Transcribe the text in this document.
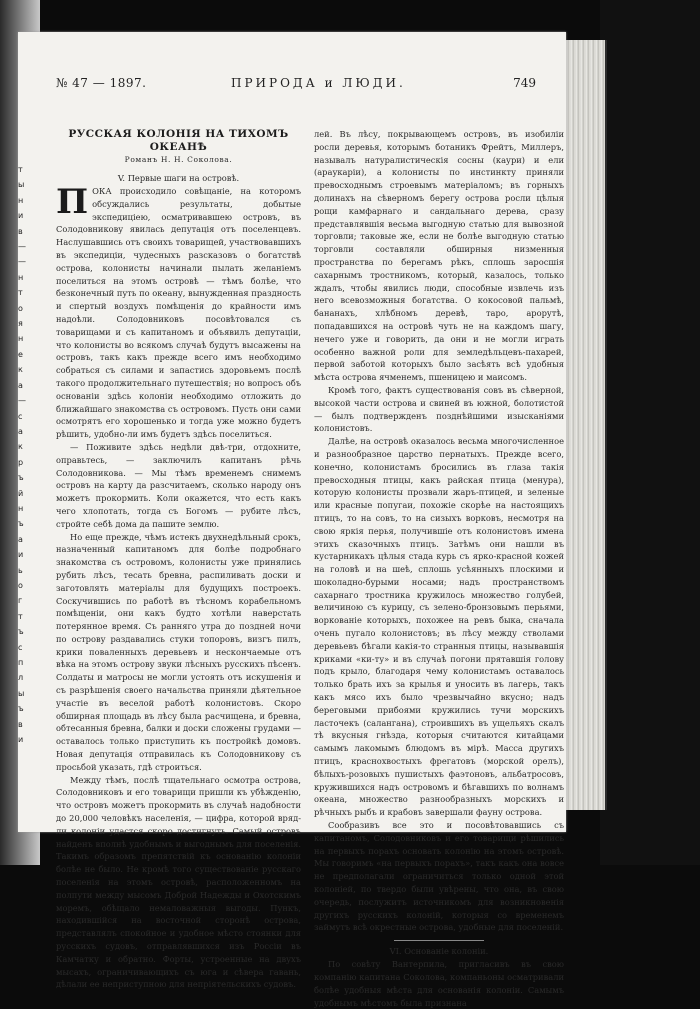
т
ы
н
и
в
—
—
н
т
о
я
н
е
к
а
—
с
а
к
р
ъ
й
н
ъ
а
и
ь
о
г
т
ъ
с
п
л
ы
ъ
в
и
№ 47 — 1897.	ПРИРОДА и ЛЮДИ.	749

РУССКАЯ КОЛОНІЯ НА ТИХОМЪ ОКЕАНѢ

Романъ Н. Н. Соколова.

V. Первые шаги на островѣ.

П ОКА происходило совѣщаніе, на которомъ обсуждались результаты, добытые экспедиціею, осматривавшею островъ, въ Солодовникову явилась депутація отъ поселенцевъ. Наслушавшись отъ своихъ товарищей, участвовавшихъ въ экспедиціи, чудесныхъ разсказовъ о богатствѣ острова, колонисты начинали пылать желаніемъ поселиться на этомъ островѣ — тѣмъ болѣе, что безконечный путь по океану, вынужденная праздность и спертый воздухъ помѣщенія до крайности имъ надоѣли. Солодовниковъ посовѣтовался съ товарищами и съ капитаномъ и объявилъ депутаціи, что колонисты во всякомъ случаѣ будутъ высажены на островъ, такъ какъ прежде всего имъ необходимо собраться съ силами и запастись здоровьемъ послѣ такого продолжительнаго путешествія; но вопросъ объ основаніи здѣсь колоніи необходимо отложить до ближайшаго знакомства съ островомъ. Пусть они сами осмотрятъ его хорошенько и тогда уже можно будетъ рѣшить, удобно-ли имъ будетъ здѣсь поселиться.

— Поживите здѣсь недѣли двѣ-три, отдохните, оправьтесь, — заключилъ капитанъ рѣчь Солодовникова. — Мы тѣмъ временемъ снимемъ островъ на карту да разсчитаемъ, сколько народу онъ можетъ прокормить. Коли окажется, что есть какъ чего хлопотать, тогда съ Богомъ — рубите лѣсъ, стройте себѣ дома да пашите землю.

Но еще прежде, чѣмъ истекъ двухнедѣльный срокъ, назначенный капитаномъ для болѣе подробнаго знакомства съ островомъ, колонисты уже принялись рубить лѣсъ, тесать бревна, распиливать доски и заготовлять матеріалы для будущихъ построекъ. Соскучившись по работѣ въ тѣсномъ корабельномъ помѣщеніи, они какъ будто хотѣли наверстать потерянное время. Съ ранняго утра до поздней ночи по острову раздавались стуки топоровъ, визгъ пилъ, крики поваленныхъ деревьевъ и нескончаемые отъ вѣка на этомъ острову звуки лѣсныхъ русскихъ пѣсенъ. Солдаты и матросы не могли устоять отъ искушенія и съ разрѣшенія своего начальства приняли дѣятельное участіе въ веселой работѣ колонистовъ. Скоро обширная площадь въ лѣсу была расчищена, и бревна, обтесанныя бревна, балки и доски сложены грудами — оставалось только приступить къ постройкѣ домовъ. Новая депутація отправилась къ Солодовникову съ просьбой указать, гдѣ строиться.

Между тѣмъ, послѣ тщательнаго осмотра острова, Солодовниковъ и его товарищи пришли къ убѣжденію, что островъ можетъ прокормить въ случаѣ надобности до 20,000 человѣкъ населенія, — цифра, которой вряд-ли колоніи удастся скоро достигнуть. Самый островъ найденъ вполнѣ удобнымъ и выгоднымъ для поселенія. Такимъ образомъ препятствій къ основанію колоніи болѣе не было. Не кромѣ того существованіе русскаго поселенія на этомъ островѣ, расположенномъ на полпути между мысомъ Доброй Надежды и Охотскимъ моремъ, обѣщало немаловажныя выгоды. Пункъ, находившійся на восточной сторонѣ острова, представлялъ спокойное и удобное мѣсто стоянки для русскихъ судовъ, отправлявшихся изъ Россіи въ Камчатку и обратно. Форты, устроенные на двухъ мысахъ, ограничивающихъ съ юга и сѣвера гавань, дѣлали ее неприступною для непріятельскихъ судовъ.

лей. Въ лѣсу, покрывающемъ островъ, въ изобиліи росли деревья, которымъ ботаникъ Фрейтъ, Миллеръ, называлъ натуралистическія сосны (каури) и ели (араукаріи), а колонисты по инстинкту приняли превосходнымъ строевымъ матеріаломъ; въ горныхъ долинахъ на сѣверномъ берегу острова росли цѣлыя рощи камфарнаго и сандальнаго дерева, сразу представлявшія весьма выгодную статью для вывозной торговли; таковые же, если не болѣе выгодную статью торговли составляли обширныя низменныя пространства по берегамъ рѣкъ, сплошь заросшія сахарнымъ тростникомъ, который, казалось, только ждалъ, чтобы явились люди, способные извлечь изъ него всевозможныя богатства. О кокосовой пальмѣ, бананахъ, хлѣбномъ деревѣ, таро, арорутѣ, попадавшихся на островѣ чуть не на каждомъ шагу, нечего уже и говорить, да они и не могли играть особенно важной роли для земледѣльцевъ-пахарей, первой заботой которыхъ было засѣять всѣ удобныя мѣста острова ячменемъ, пшеницею и маисомъ.

Кромѣ того, фактъ существованія совъ въ сѣверной, высокой части острова и свиней въ южной, болотистой — былъ подтвержденъ позднѣйшими изысканіями колонистовъ.

Далѣе, на островѣ оказалось весьма многочисленное и разнообразное царство пернатыхъ. Прежде всего, конечно, колонистамъ бросились въ глаза такія превосходныя птицы, какъ райская птица (менура), которую колонисты прозвали жаръ-птицей, и зеленые или красные попугаи, похожіе скорѣе на настоящихъ птицъ, то на совъ, то на сизыхъ ворковъ, несмотря на свою яркія перья, получившіе отъ колонистовъ имена этихъ сказочныхъ птицъ. Затѣмъ они нашли въ кустарникахъ цѣлыя стада курь съ ярко-красной кожей на головѣ и на шеѣ, сплошь усѣянныхъ плоскими и шоколадно-бурыми носами; надъ пространствомъ сахарнаго тростника кружилось множество голубей, величиною съ курицу, съ зелено-бронзовымъ перьями, воркованіе которыхъ, похожее на ревъ быка, сначала очень пугало колонистовъ; въ лѣсу между стволами деревьевъ бѣгали какія-то странныя птицы, называвшія криками «ки-ту» и въ случаѣ погони прятавшія голову подъ крыло, благодаря чему колонистамъ оставалось только брать ихъ за крылья и уносить въ лагерь, такъ какъ мясо ихъ было чрезвычайно вкусно; надъ береговыми прибоями кружились тучи морскихъ ласточекъ (салангана), строившихъ въ ущельяхъ скалъ тѣ вкусныя гнѣзда, которыя считаются китайцами самымъ лакомымъ блюдомъ въ мірѣ. Масса другихъ птицъ, краснохвостыхъ фрегатовъ (морской орелъ), бѣлыхъ-розовыхъ пушистыхъ фаэтоновъ, альбатросовъ, кружившихся надъ островомъ и бѣгавшихъ по волнамъ океана, множество разнообразныхъ морскихъ и рѣчныхъ рыбъ и крабовъ завершали фауну острова.

Сообразивъ все это и посовѣтовавшись съ капитаномъ, Солодовниковъ и его товарищи рѣшились на первыхъ порахъ основать колонію на этомъ островѣ. Мы говоримъ «на первыхъ порахъ», такъ какъ она вовсе не предполагали ограничиться только одной этой колоніей, по твердо были увѣрены, что она, въ свою очередь, послужитъ источникомъ для возникновенія другихъ русскихъ колоній, которыя со временемъ займутъ всѣ окрестные острова, удобные для поселеній.

VI. Основаніе колоніи.

По совѣту Вантерпила, пригласивъ въ свою компанію капитана Соколова, компаньоны осматривали болѣе удобныя мѣста для основанія колоніи. Самымъ удобнымъ мѣстомъ была признана
